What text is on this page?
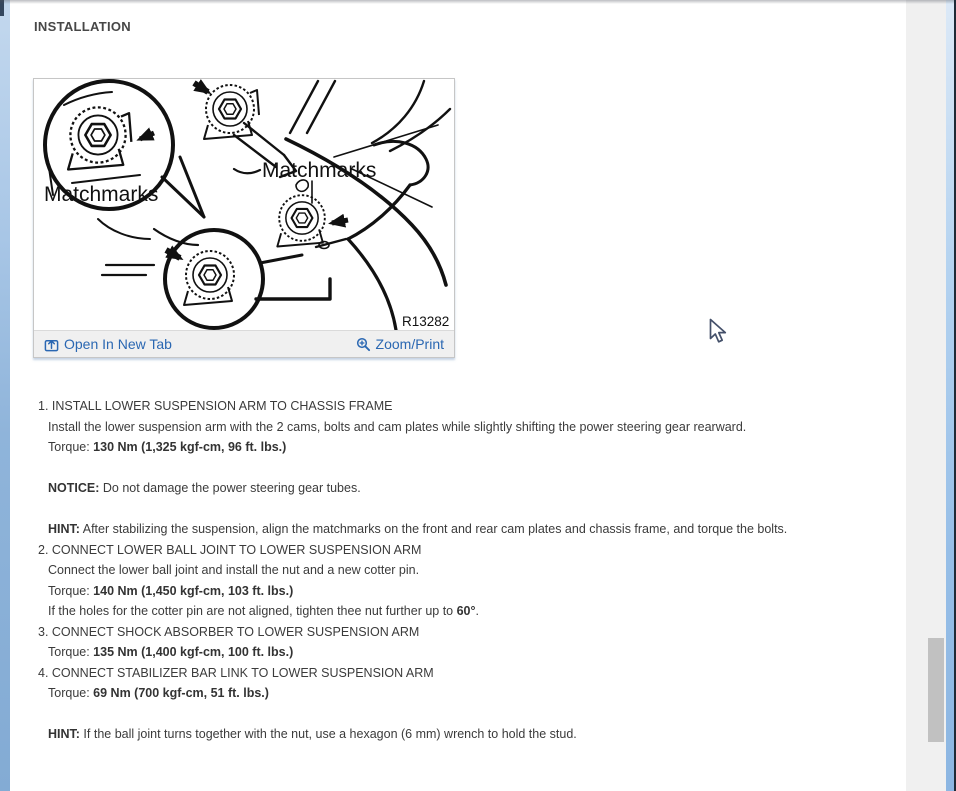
INSTALLATION
Matchmarks
Matchmarks
R13282
Open In New Tab	Zoom/Print
1. INSTALL LOWER SUSPENSION ARM TO CHASSIS FRAME
Install the lower suspension arm with the 2 cams, bolts and cam plates while slightly shifting the power steering gear rearward.
Torque: 130 Nm (1,325 kgf-cm, 96 ft. lbs.)
NOTICE: Do not damage the power steering gear tubes.
HINT: After stabilizing the suspension, align the matchmarks on the front and rear cam plates and chassis frame, and torque the bolts.
2. CONNECT LOWER BALL JOINT TO LOWER SUSPENSION ARM
Connect the lower ball joint and install the nut and a new cotter pin.
Torque: 140 Nm (1,450 kgf-cm, 103 ft. lbs.)
If the holes for the cotter pin are not aligned, tighten thee nut further up to 60°.
3. CONNECT SHOCK ABSORBER TO LOWER SUSPENSION ARM
Torque: 135 Nm (1,400 kgf-cm, 100 ft. lbs.)
4. CONNECT STABILIZER BAR LINK TO LOWER SUSPENSION ARM
Torque: 69 Nm (700 kgf-cm, 51 ft. lbs.)
HINT: If the ball joint turns together with the nut, use a hexagon (6 mm) wrench to hold the stud.
